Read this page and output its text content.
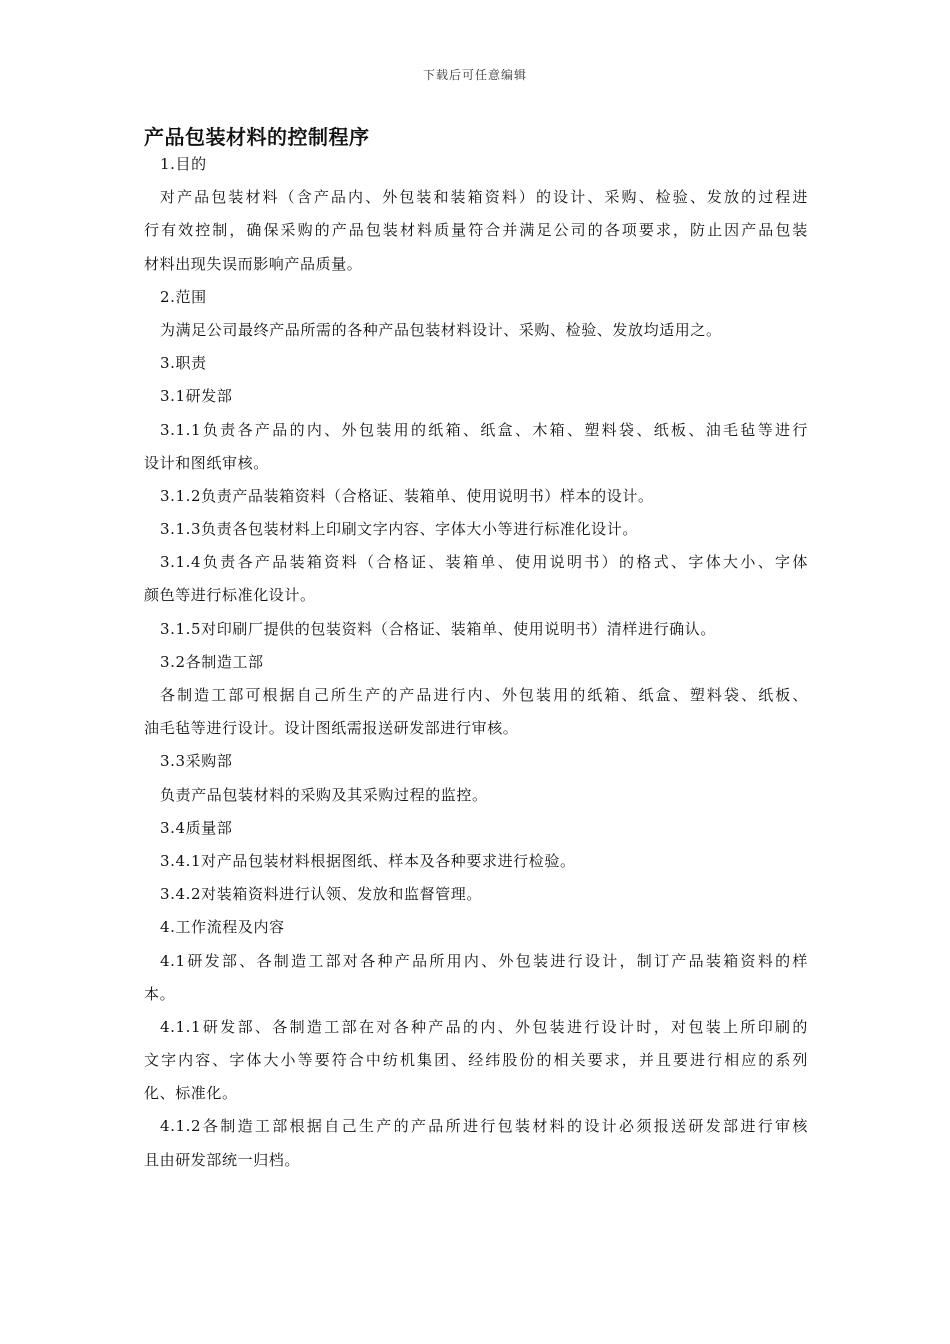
下载后可任意编辑
产品包装材料的控制程序
1.目的
对产品包装材料（含产品内、外包装和装箱资料）的设计、采购、检验、发放的过程进
行有效控制，确保采购的产品包装材料质量符合并满足公司的各项要求，防止因产品包装
材料出现失误而影响产品质量。
2.范围
为满足公司最终产品所需的各种产品包装材料设计、采购、检验、发放均适用之。
3.职责
3.1研发部
3.1.1负责各产品的内、外包装用的纸箱、纸盒、木箱、塑料袋、纸板、油毛毡等进行
设计和图纸审核。
3.1.2负责产品装箱资料（合格证、装箱单、使用说明书）样本的设计。
3.1.3负责各包装材料上印刷文字内容、字体大小等进行标准化设计。
3.1.4负责各产品装箱资料（合格证、装箱单、使用说明书）的格式、字体大小、字体
颜色等进行标准化设计。
3.1.5对印刷厂提供的包装资料（合格证、装箱单、使用说明书）清样进行确认。
3.2各制造工部
各制造工部可根据自己所生产的产品进行内、外包装用的纸箱、纸盒、塑料袋、纸板、
油毛毡等进行设计。设计图纸需报送研发部进行审核。
3.3采购部
负责产品包装材料的采购及其采购过程的监控。
3.4质量部
3.4.1对产品包装材料根据图纸、样本及各种要求进行检验。
3.4.2对装箱资料进行认领、发放和监督管理。
4.工作流程及内容
4.1研发部、各制造工部对各种产品所用内、外包装进行设计，制订产品装箱资料的样
本。
4.1.1研发部、各制造工部在对各种产品的内、外包装进行设计时，对包装上所印刷的
文字内容、字体大小等要符合中纺机集团、经纬股份的相关要求，并且要进行相应的系列
化、标准化。
4.1.2各制造工部根据自己生产的产品所进行包装材料的设计必须报送研发部进行审核
且由研发部统一归档。
